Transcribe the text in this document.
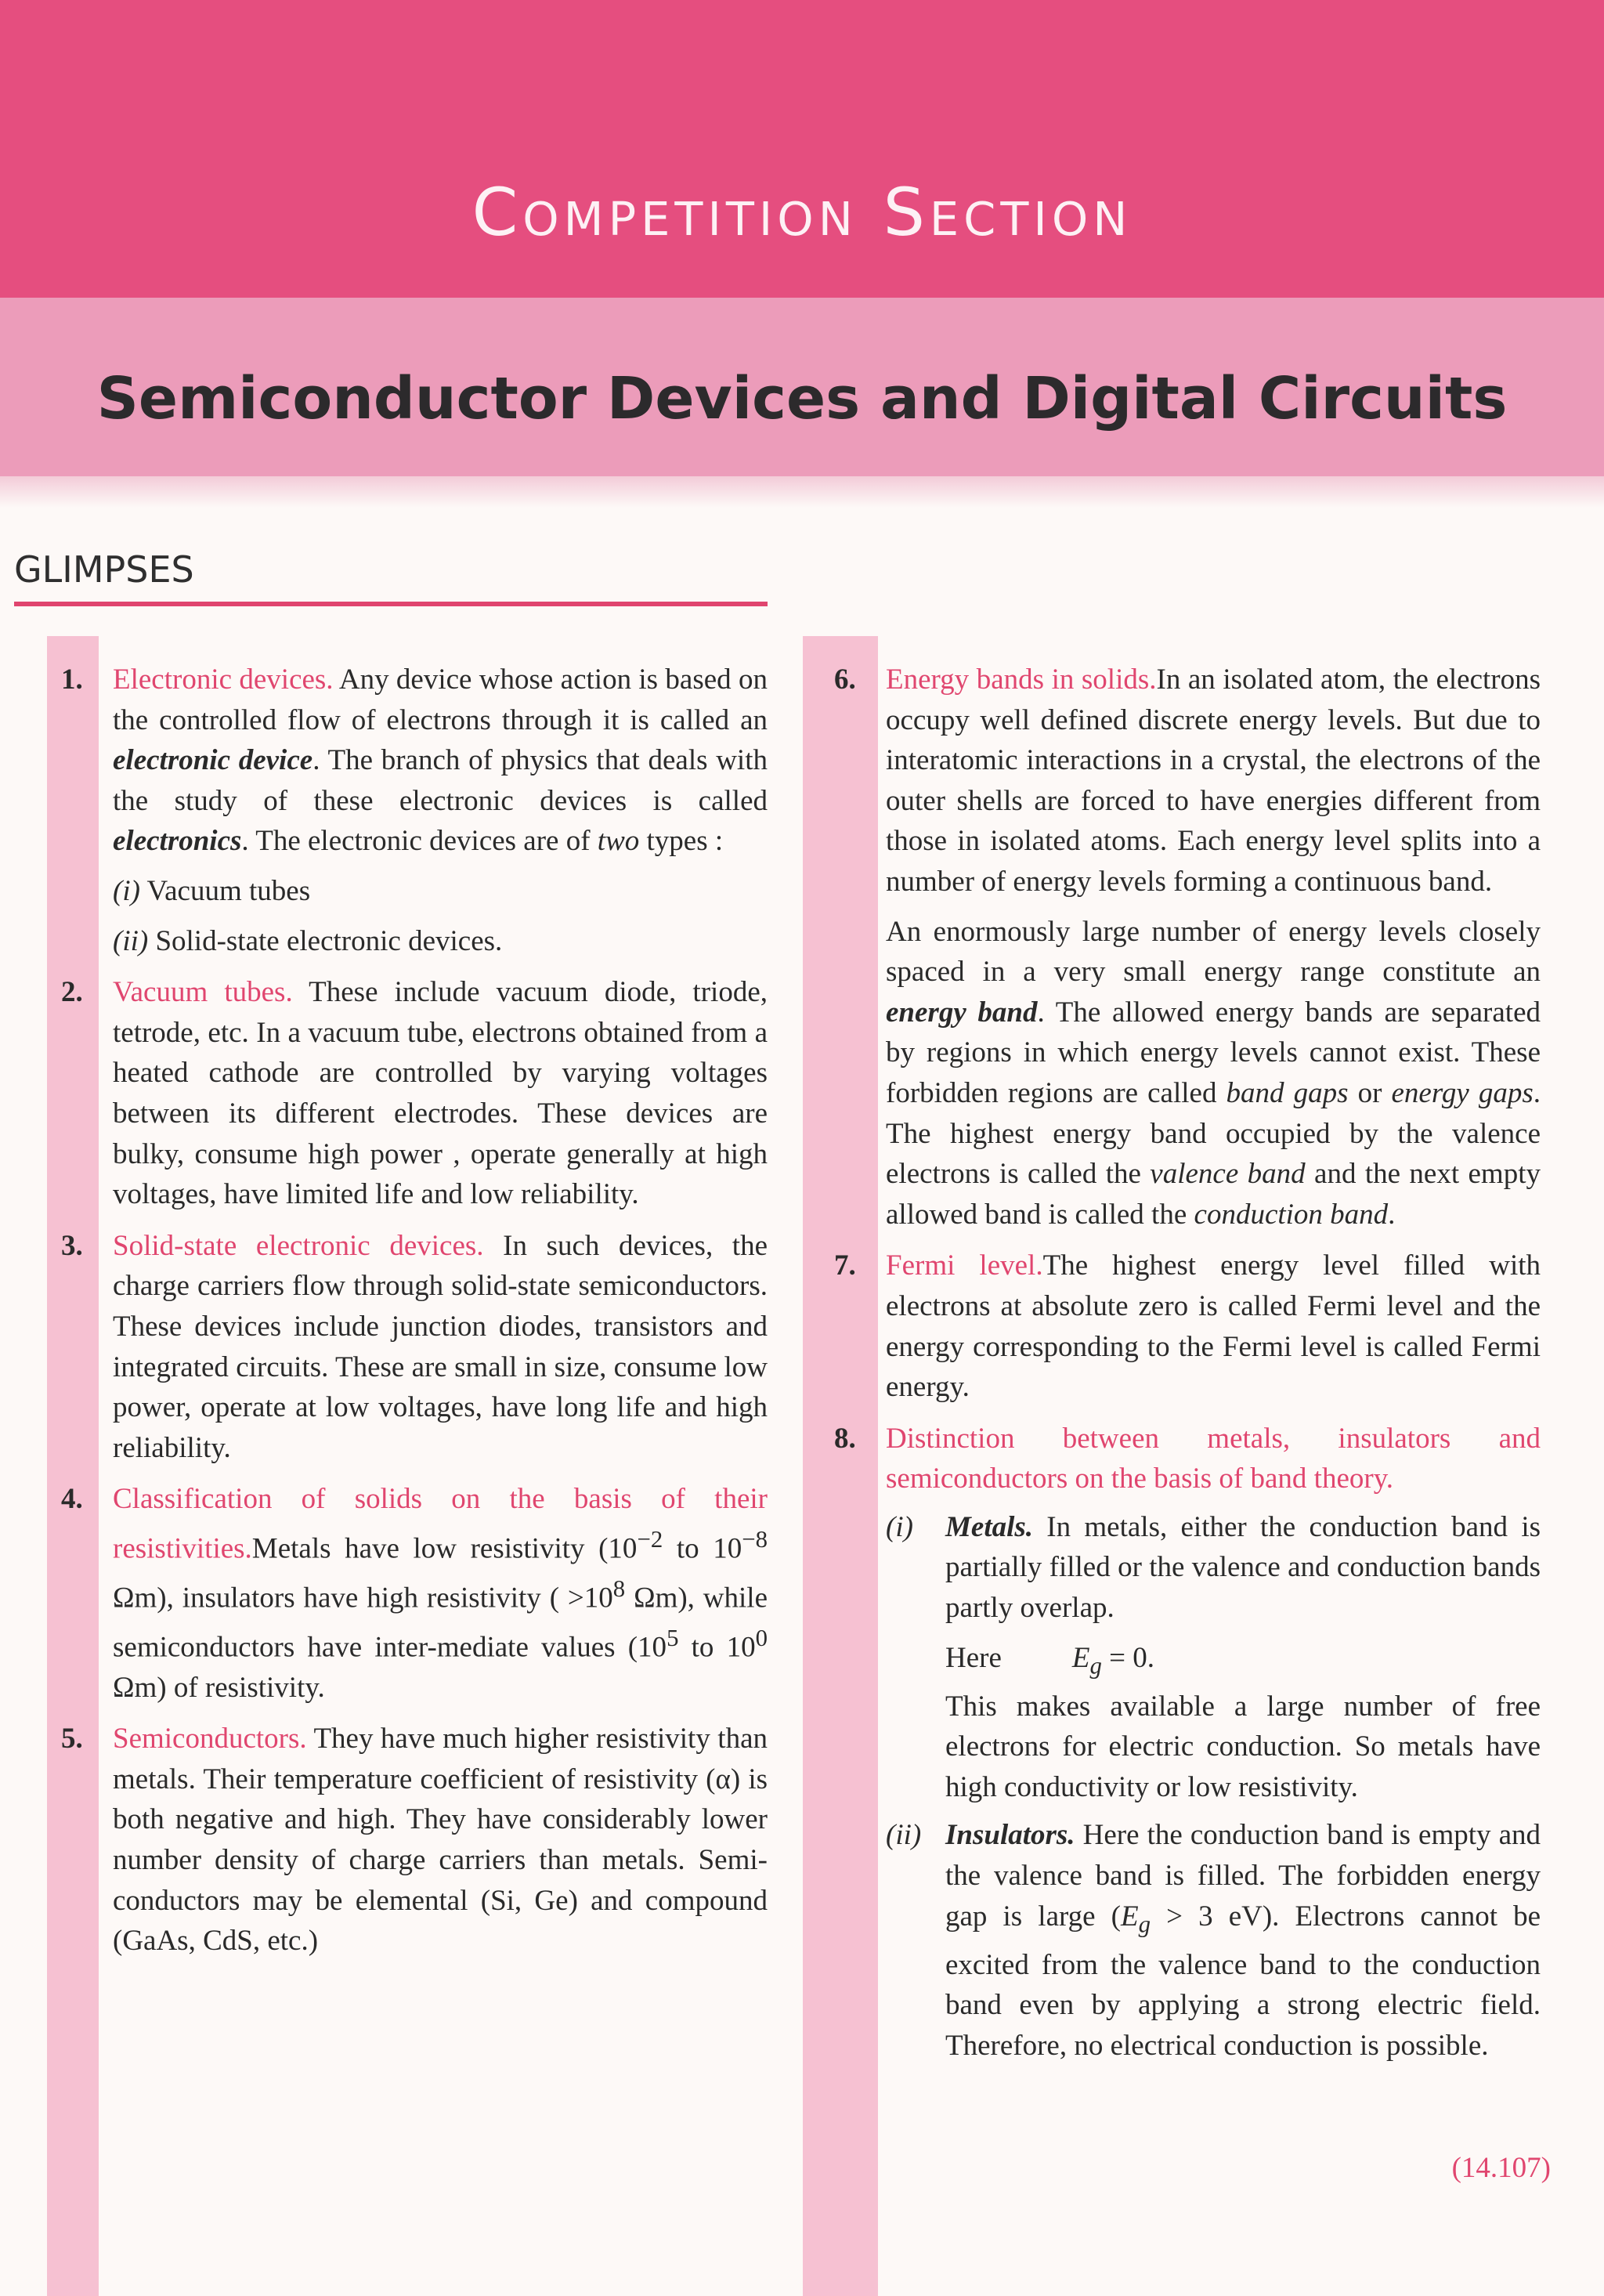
Competition Section
Semiconductor Devices and Digital Circuits
GLIMPSES
1. Electronic devices. Any device whose action is based on the controlled flow of electrons through it is called an electronic device. The branch of physics that deals with the study of these electronic devices is called electronics. The electronic devices are of two types :

(i) Vacuum tubes
(ii) Solid-state electronic devices.
2. Vacuum tubes. These include vacuum diode, triode, tetrode, etc. In a vacuum tube, electrons obtained from a heated cathode are controlled by varying voltages between its different electrodes. These devices are bulky, consume high power , operate generally at high voltages, have limited life and low reliability.

3. Solid-state electronic devices. In such devices, the charge carriers flow through solid-state semiconductors. These devices include junction diodes, transistors and integrated circuits. These are small in size, consume low power, operate at low voltages, have long life and high reliability.

4. Classification of solids on the basis of their resistivities.Metals have low resistivity ($10^{-2}$ to $10^{-8}$ Ωm), insulators have high resistivity ( $>10^8$ Ωm), while semiconductors have inter-mediate values ($10^5$ to $10^0$ Ωm) of resistivity.

5. Semiconductors. They have much higher resistivity than metals. Their temperature coefficient of resistivity (α) is both negative and high. They have considerably lower number density of charge carriers than metals. Semi-conductors may be elemental (Si, Ge) and compound (GaAs, CdS, etc.)

6. Energy bands in solids.In an isolated atom, the electrons occupy well defined discrete energy levels. But due to interatomic interactions in a crystal, the electrons of the outer shells are forced to have energies different from those in isolated atoms. Each energy level splits into a number of energy levels forming a continuous band.

An enormously large number of energy levels closely spaced in a very small energy range constitute an energy band. The allowed energy bands are separated by regions in which energy levels cannot exist. These forbidden regions are called band gaps or energy gaps. The highest energy band occupied by the valence electrons is called the valence band and the next empty allowed band is called the conduction band.

7. Fermi level.The highest energy level filled with electrons at absolute zero is called Fermi level and the energy corresponding to the Fermi level is called Fermi energy.

8. Distinction between metals, insulators and semiconductors on the basis of band theory.

(i) Metals. In metals, either the conduction band is partially filled or the valence and conduction bands partly overlap.

Here $E_g = 0$.

This makes available a large number of free electrons for electric conduction. So metals have high conductivity or low resistivity.

(ii) Insulators. Here the conduction band is empty and the valence band is filled. The forbidden energy gap is large ($E_g > 3$ eV). Electrons cannot be excited from the valence band to the conduction band even by applying a strong electric field. Therefore, no electrical conduction is possible.

(14.107)
